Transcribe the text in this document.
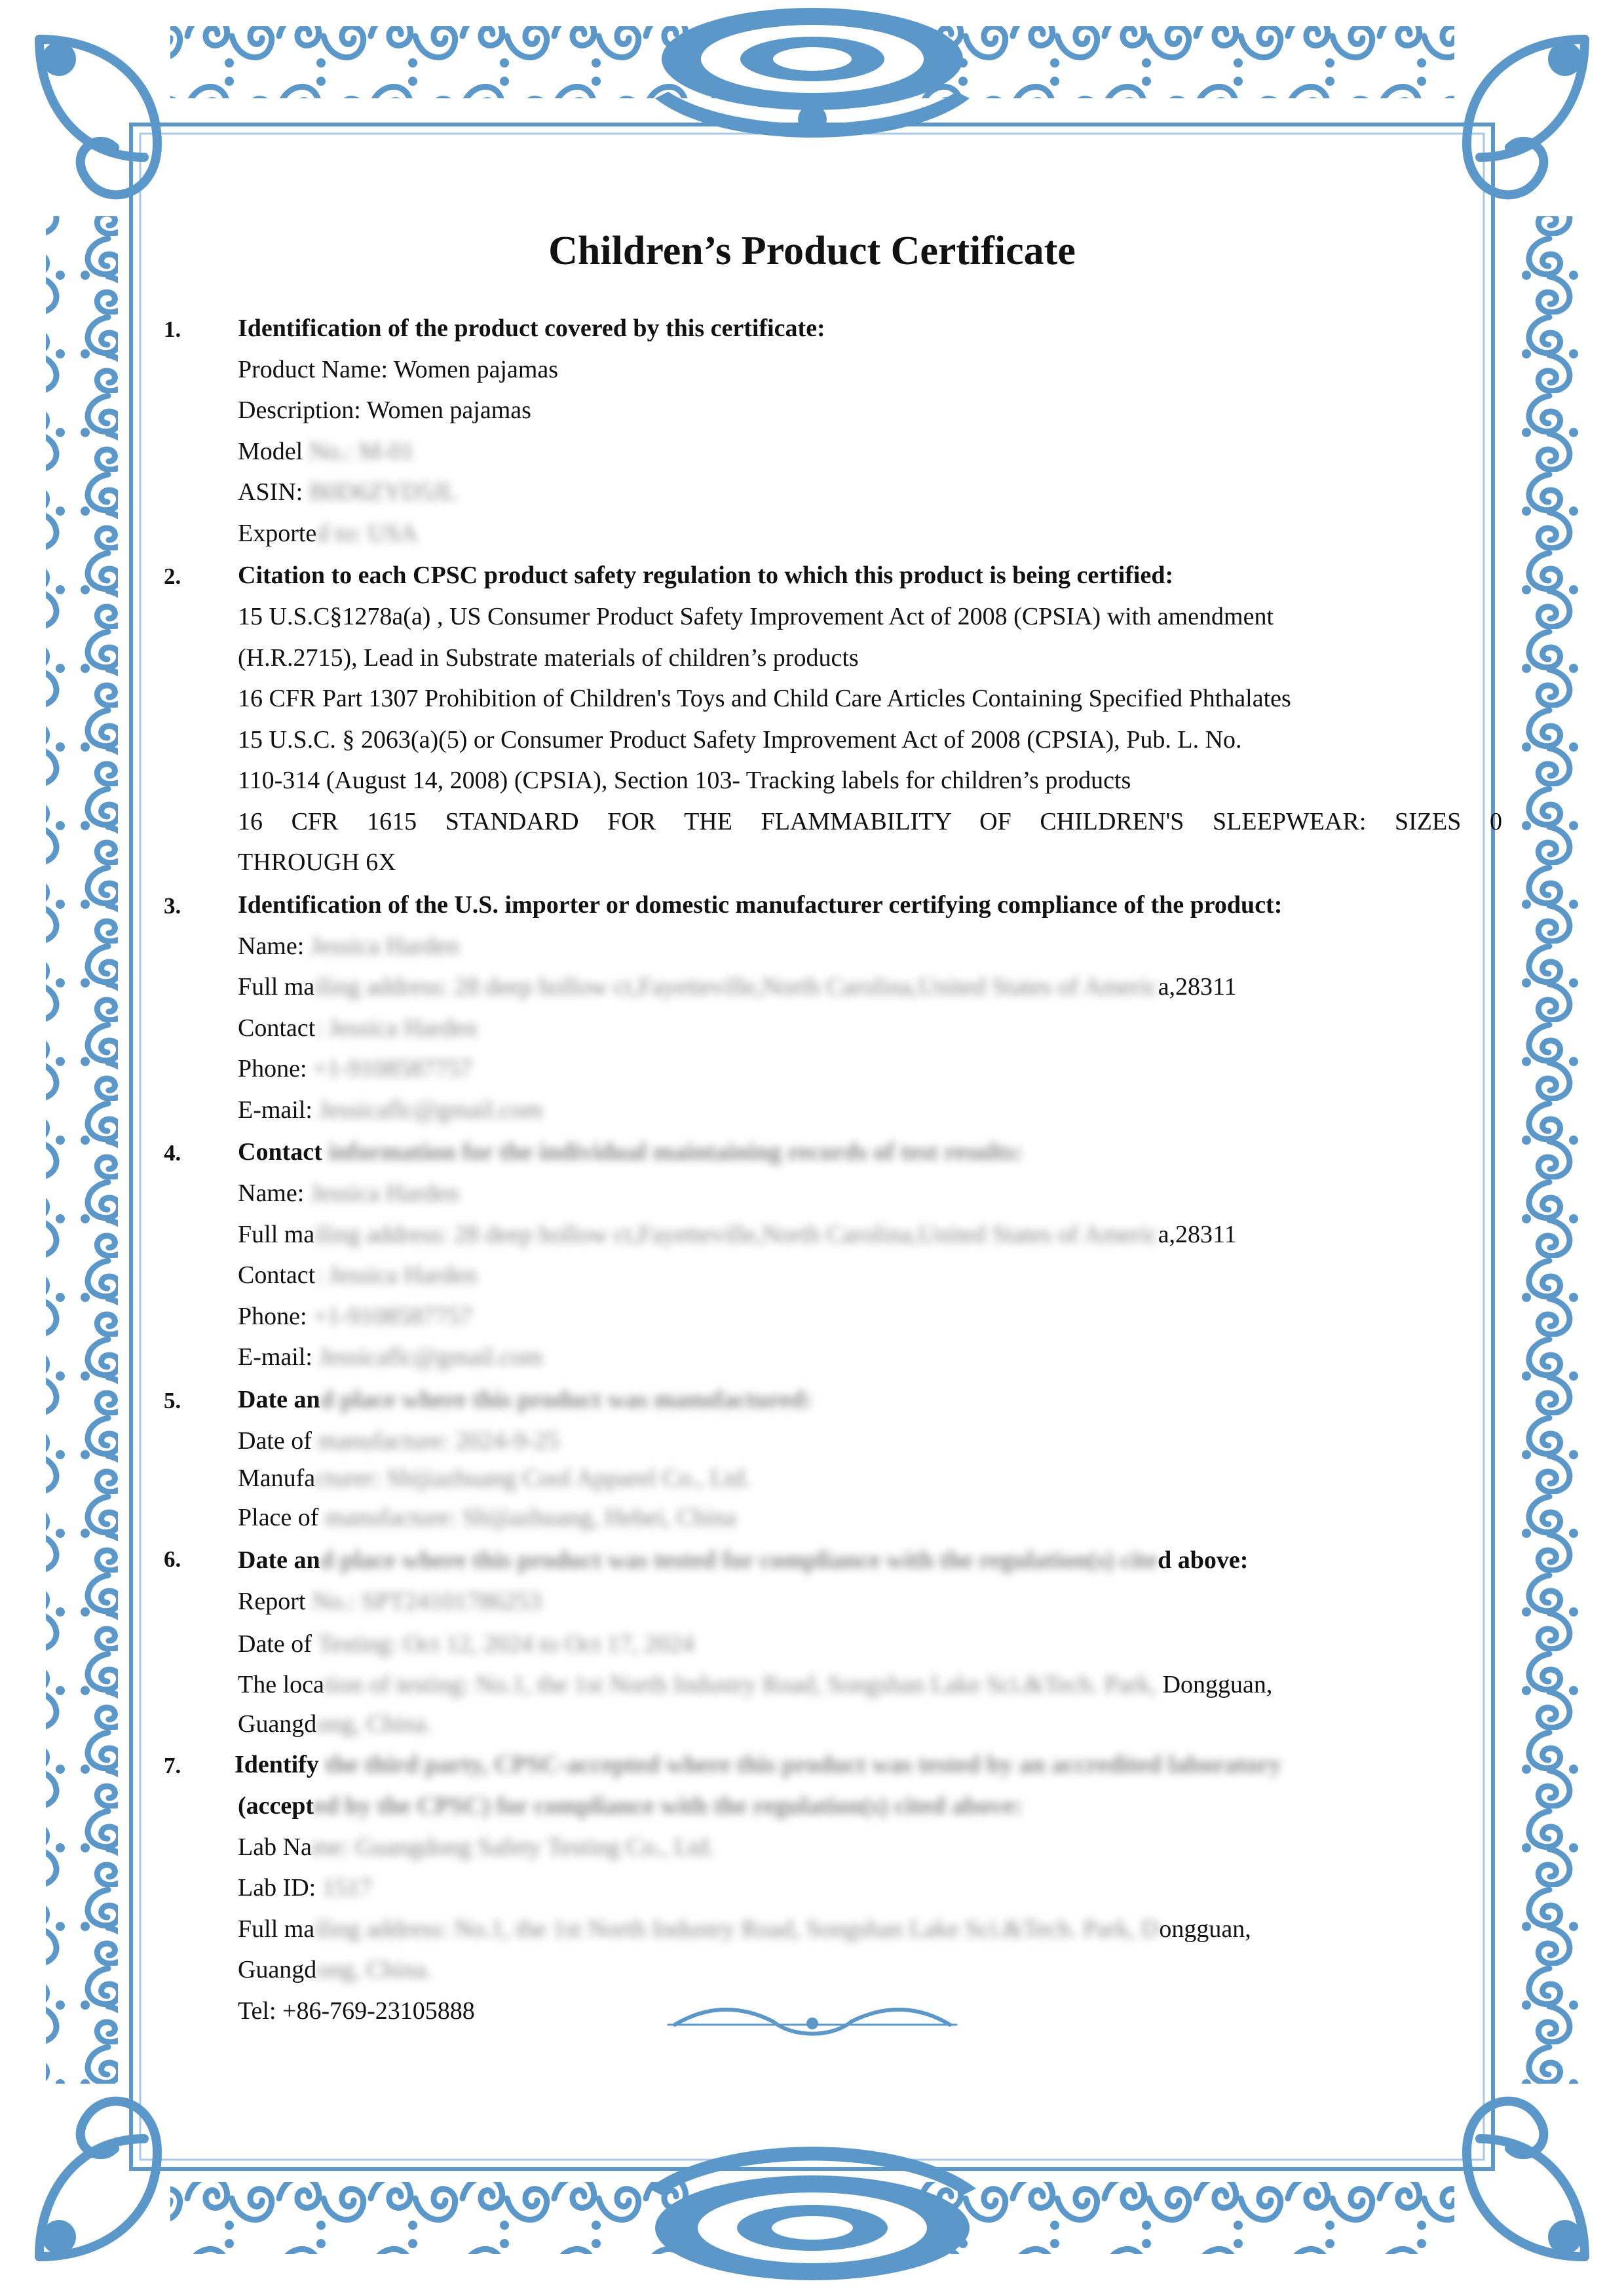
Children’s Product Certificate
1. Identification of the product covered by this certificate:
Product Name: Women pajamas
Description: Women pajamas
Model No.: M-01
ASIN: B0D6ZYD5JL
Exported to: USA
2. Citation to each CPSC product safety regulation to which this product is being certified:
15 U.S.C§1278a(a) , US Consumer Product Safety Improvement Act of 2008 (CPSIA) with amendment
(H.R.2715), Lead in Substrate materials of children’s products
16 CFR Part 1307 Prohibition of Children's Toys and Child Care Articles Containing Specified Phthalates
15 U.S.C. § 2063(a)(5) or Consumer Product Safety Improvement Act of 2008 (CPSIA), Pub. L. No.
110-314 (August 14, 2008) (CPSIA), Section 103- Tracking labels for children’s products
16 CFR 1615 STANDARD FOR THE FLAMMABILITY OF CHILDREN'S SLEEPWEAR: SIZES 0
THROUGH 6X
3. Identification of the U.S. importer or domestic manufacturer certifying compliance of the product:
Name: Jessica Harden
Full mailing address: 28 deep hollow ct,Fayetteville,North Carolina,United States of America,28311
Contact: Jessica Harden
Phone: +1-9108587757
E-mail: Jessicaflc@gmail.com
4. Contact information for the individual maintaining records of test results:
Name: Jessica Harden
Full mailing address: 28 deep hollow ct,Fayetteville,North Carolina,United States of America,28311
Contact: Jessica Harden
Phone: +1-9108587757
E-mail: Jessicaflc@gmail.com
5. Date and place where this product was manufactured:
Date of manufacture: 2024-9-25
Manufacturer: Shijiazhuang Cool Apparel Co., Ltd.
Place of manufacture: Shijiazhuang, Hebei, China
6. Date and place where this product was tested for compliance with the regulation(s) cited above:
Report No.: SPT24101786253
Date of Testing: Oct 12, 2024 to Oct 17, 2024
The location of testing: No.1, the 1st North Industry Road, Songshan Lake Sci.&Tech. Park, Dongguan,
Guangdong, China.
7. Identify the third party, CPSC-accepted where this product was tested by an accredited laboratory
(accepted by the CPSC) for compliance with the regulation(s) cited above:
Lab Name: Guangdong Safety Testing Co., Ltd.
Lab ID: 1517
Full mailing address: No.1, the 1st North Industry Road, Songshan Lake Sci.&Tech. Park, Dongguan,
Guangdong, China.
Tel: +86-769-23105888
